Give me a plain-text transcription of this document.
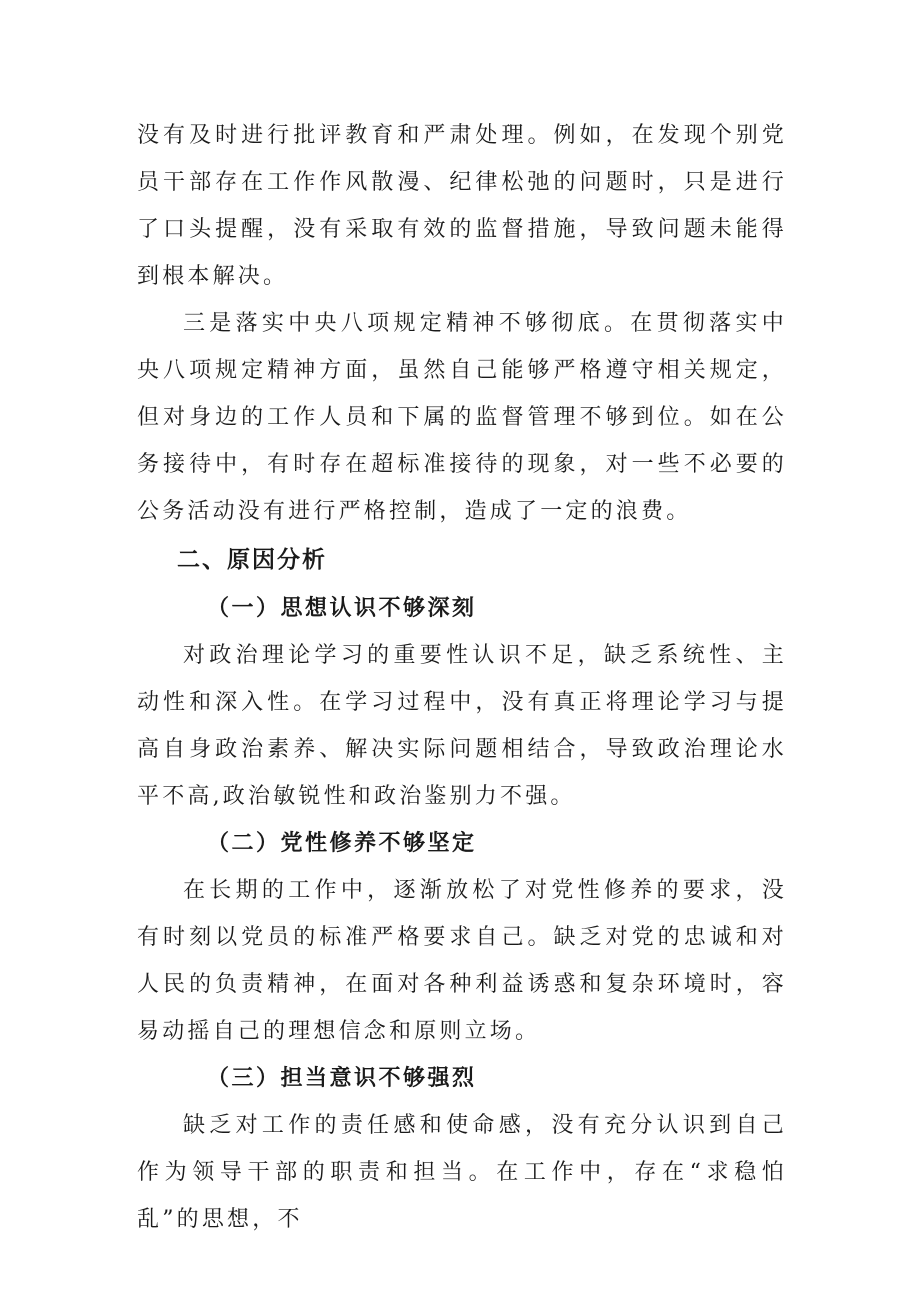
没有及时进行批评教育和严肃处理。例如，在发现个别党员干部存在工作作风散漫、纪律松弛的问题时，只是进行了口头提醒，没有采取有效的监督措施，导致问题未能得到根本解决。

三是落实中央八项规定精神不够彻底。在贯彻落实中央八项规定精神方面，虽然自己能够严格遵守相关规定，但对身边的工作人员和下属的监督管理不够到位。如在公务接待中，有时存在超标准接待的现象，对一些不必要的公务活动没有进行严格控制，造成了一定的浪费。

二、原因分析
（一）思想认识不够深刻

对政治理论学习的重要性认识不足，缺乏系统性、主动性和深入性。在学习过程中，没有真正将理论学习与提高自身政治素养、解决实际问题相结合，导致政治理论水平不高,政治敏锐性和政治鉴别力不强。

（二）党性修养不够坚定

在长期的工作中，逐渐放松了对党性修养的要求，没有时刻以党员的标准严格要求自己。缺乏对党的忠诚和对人民的负责精神，在面对各种利益诱惑和复杂环境时，容易动摇自己的理想信念和原则立场。

（三）担当意识不够强烈

缺乏对工作的责任感和使命感，没有充分认识到自己作为领导干部的职责和担当。在工作中，存在“求稳怕乱”的思想，不
